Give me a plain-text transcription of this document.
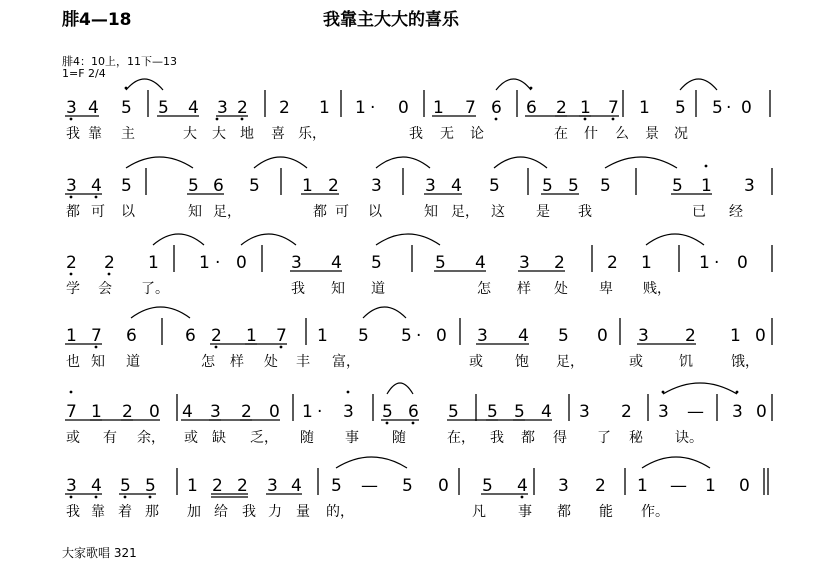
腓4—18	我靠主大大的喜乐
腓4：10上，11下—13
1=F 2/4
3 4 5 5 4 3 2 2 1 1 · 0 1 7 6 6 2 1 7 1 5 5 · 0
我 靠 主	大 大 地 喜 乐，	我 无 论	在 什 么 景 况
3 4 5	5 6 5 1 2 3	3 4 5 5 5 5	5 1 3
都 可 以	知 足，	都 可 以	知 足， 这 是 我	已 经
2 2 1 1 · 0	3 4 5	5 4 3 2 2 1	1 · 0
学 会 了。	我 知 道	怎 样 处 卑 贱，
1 7 6	6 2 1 7 1 5 5 · 0 3 4 5 0 3 2 1 0
也 知 道	怎 样 处 丰 富，	或 饱 足，	或	饥	饿，
7 1 2 0 4 3 2 0 1 · 3 5 6 5 5 5 4 3 2 3 — 3 0
或 有 余， 或 缺 乏， 随 事 随	在， 我 都 得 了 秘 诀。
3 4 5 5 1 2 2 3 4 5 — 5 0 5 4 3 2 1 — 1 0
我 靠 着 那 加 给 我 力 量 的，	凡 事 都 能 作。
大家歌唱 321
